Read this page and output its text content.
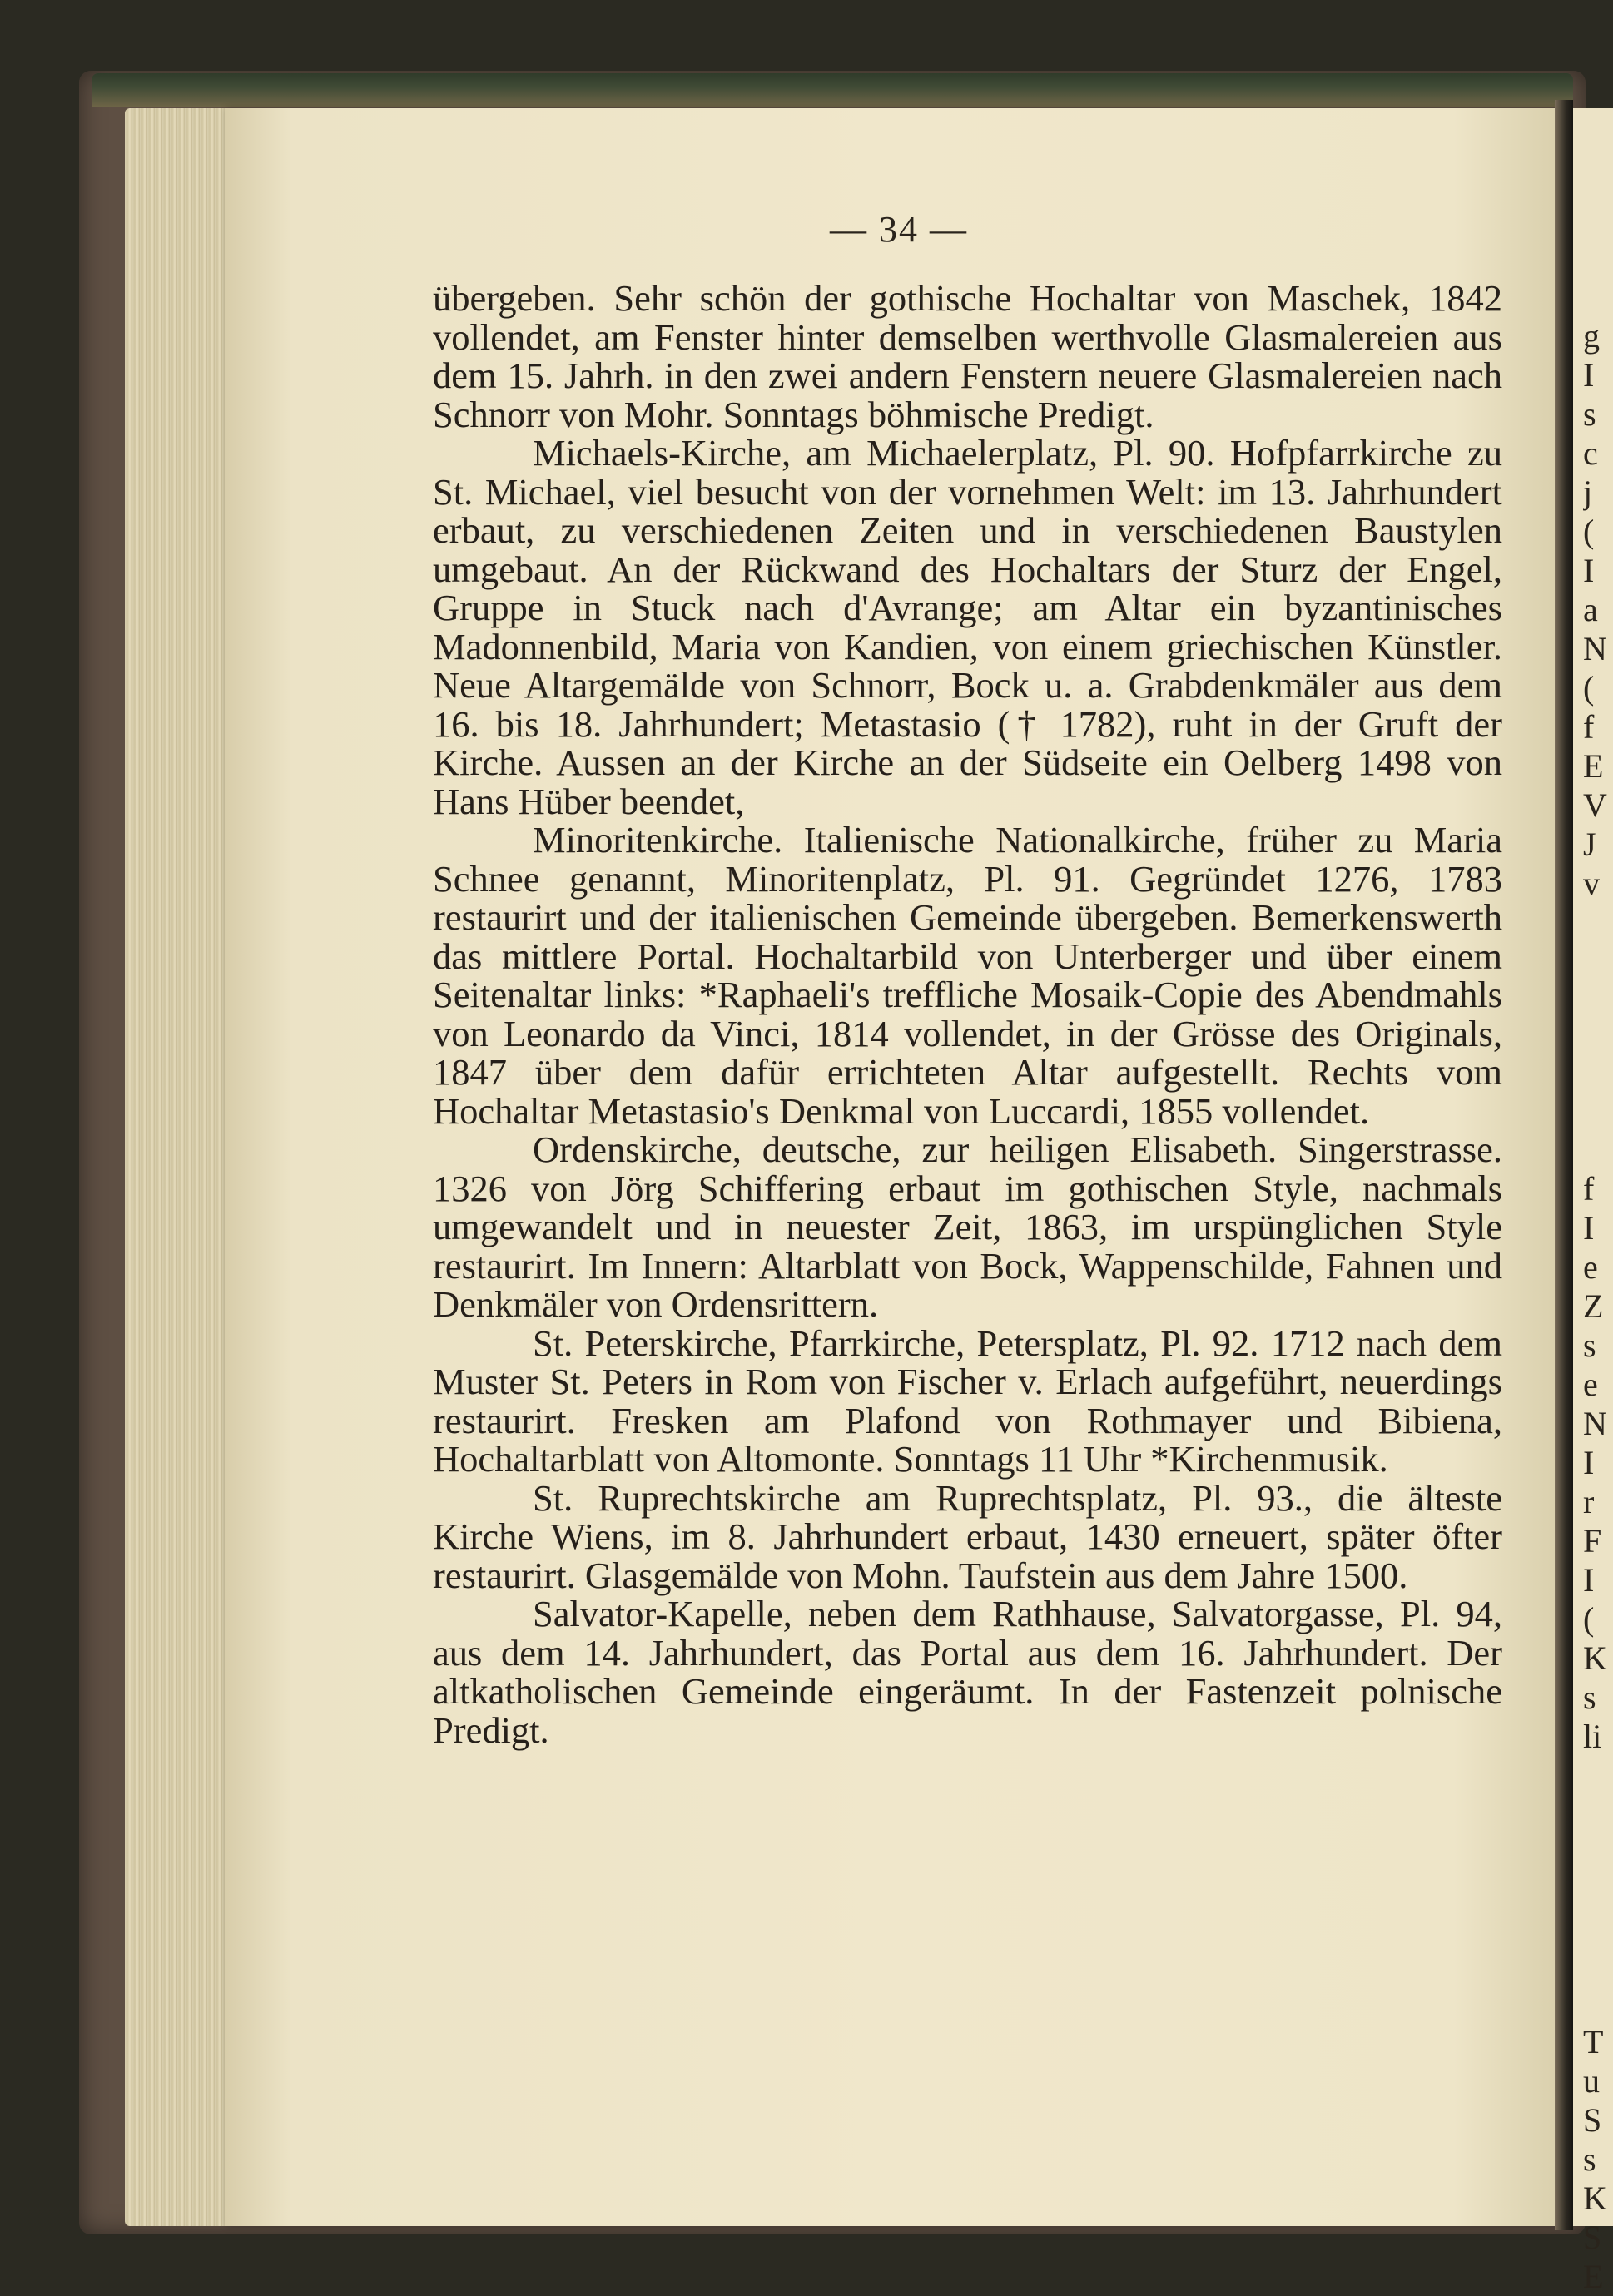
— 34 —

übergeben. Sehr schön der gothische Hochaltar von Maschek, 1842 vollendet, am Fenster hinter demselben werthvolle Glasmalereien aus dem 15. Jahrh. in den zwei andern Fenstern neuere Glasmalereien nach Schnorr von Mohr. Sonntags böhmische Predigt.

Michaels-Kirche, am Michaelerplatz, Pl. 90. Hofpfarrkirche zu St. Michael, viel besucht von der vornehmen Welt: im 13. Jahrhundert erbaut, zu verschiedenen Zeiten und in verschiedenen Baustylen umgebaut. An der Rückwand des Hochaltars der Sturz der Engel, Gruppe in Stuck nach d'Avrange; am Altar ein byzantinisches Madonnenbild, Maria von Kandien, von einem griechischen Künstler. Neue Altargemälde von Schnorr, Bock u. a. Grabdenkmäler aus dem 16. bis 18. Jahrhundert; Metastasio († 1782), ruht in der Gruft der Kirche. Aussen an der Kirche an der Südseite ein Oelberg 1498 von Hans Hüber beendet,

Minoritenkirche. Italienische Nationalkirche, früher zu Maria Schnee genannt, Minoritenplatz, Pl. 91. Gegründet 1276, 1783 restaurirt und der italienischen Gemeinde übergeben. Bemerkenswerth das mittlere Portal. Hochaltarbild von Unterberger und über einem Seitenaltar links: *Raphaeli's treffliche Mosaik-Copie des Abendmahls von Leonardo da Vinci, 1814 vollendet, in der Grösse des Originals, 1847 über dem dafür errichteten Altar aufgestellt. Rechts vom Hochaltar Metastasio's Denkmal von Luccardi, 1855 vollendet.

Ordenskirche, deutsche, zur heiligen Elisabeth. Singerstrasse. 1326 von Jörg Schiffering erbaut im gothischen Style, nachmals umgewandelt und in neuester Zeit, 1863, im urspünglichen Style restaurirt. Im Innern: Altarblatt von Bock, Wappenschilde, Fahnen und Denkmäler von Ordensrittern.

St. Peterskirche, Pfarrkirche, Petersplatz, Pl. 92. 1712 nach dem Muster St. Peters in Rom von Fischer v. Erlach aufgeführt, neuerdings restaurirt. Fresken am Plafond von Rothmayer und Bibiena, Hochaltarblatt von Altomonte. Sonntags 11 Uhr *Kirchenmusik.

St. Ruprechtskirche am Ruprechtsplatz, Pl. 93., die älteste Kirche Wiens, im 8. Jahrhundert erbaut, 1430 erneuert, später öfter restaurirt. Glasgemälde von Mohn. Taufstein aus dem Jahre 1500.

Salvator-Kapelle, neben dem Rathhause, Salvatorgasse, Pl. 94, aus dem 14. Jahrhundert, das Portal aus dem 16. Jahrhundert. Der altkatholischen Gemeinde eingeräumt. In der Fastenzeit polnische Predigt.

g
I
s
c
j
(
I
a
N
(
f
E
V
J
v
f
I
e
Z
s
e
N
I
r
F
I
(
K
s
li
T
u
S
s
K
S
E
